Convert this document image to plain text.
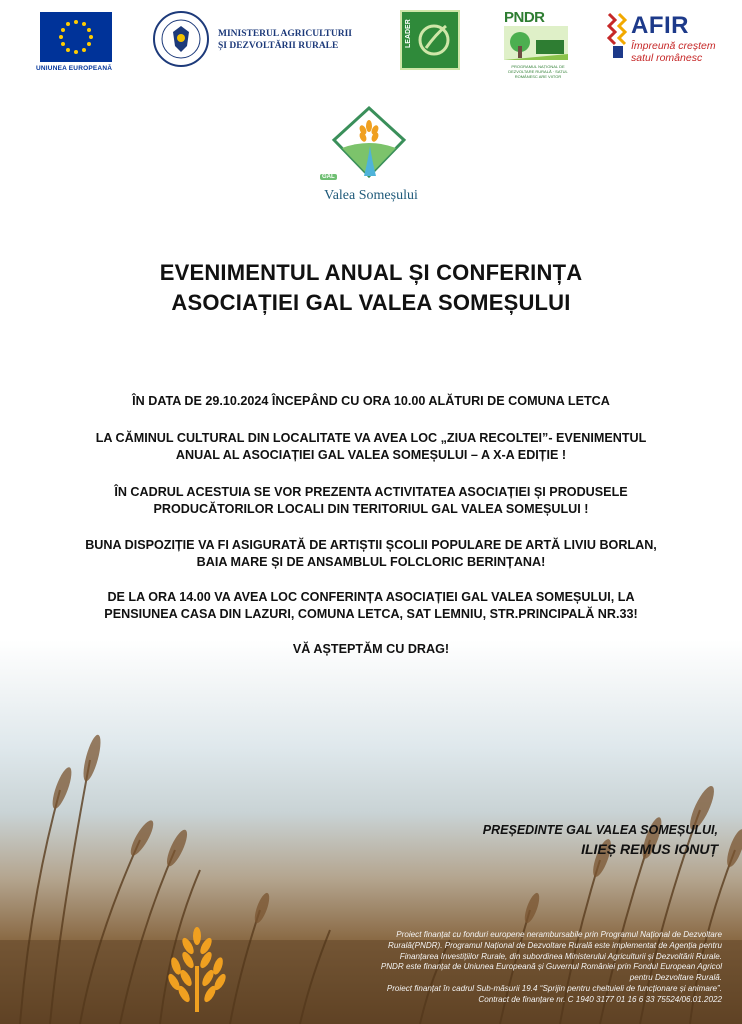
UNIUNEA EUROPEANĂ
MINISTERUL AGRICULTURII
ȘI DEZVOLTĂRII RURALE	LEADER
PNDR
PROGRAMUL NAȚIONAL DE DEZVOLTARE RURALĂ · SATUL ROMÂNESC ARE VIITOR
AFIR
Împreună creștem
satul românesc
GAL
Valea Someșului
EVENIMENTUL ANUAL ȘI CONFERINȚA
ASOCIAȚIEI GAL VALEA SOMEȘULUI
ÎN DATA DE 29.10.2024 ÎNCEPÂND CU ORA 10.00 ALĂTURI DE COMUNA LETCA
LA CĂMINUL CULTURAL DIN LOCALITATE VA AVEA LOC „ZIUA RECOLTEI”- EVENIMENTUL
ANUAL AL ASOCIAȚIEI GAL VALEA SOMEȘULUI – A X-A EDIȚIE !
ÎN CADRUL ACESTUIA SE VOR PREZENTA ACTIVITATEA ASOCIAȚIEI ȘI PRODUSELE
PRODUCĂTORILOR LOCALI DIN TERITORIUL GAL VALEA SOMEȘULUI !
BUNA DISPOZIȚIE VA FI ASIGURATĂ DE ARTIȘTII ȘCOLII POPULARE DE ARTĂ LIVIU BORLAN,
BAIA MARE ȘI DE ANSAMBLUL FOLCLORIC BERINȚANA!
DE LA ORA 14.00 VA AVEA LOC CONFERINȚA ASOCIAȚIEI GAL VALEA SOMEȘULUI, LA
PENSIUNEA CASA DIN LAZURI, COMUNA LETCA, SAT LEMNIU, STR.PRINCIPALĂ NR.33!
VĂ AȘTEPTĂM CU DRAG!
PREȘEDINTE GAL VALEA SOMEȘULUI,
ILIEȘ REMUS IONUȚ
Proiect finanțat cu fonduri europene nerambursabile prin Programul Național de Dezvoltare
Rurală(PNDR). Programul Național de Dezvoltare Rurală este implementat de Agenția pentru
Finanțarea Investițiilor Rurale, din subordinea Ministerului Agriculturii și Dezvoltării Rurale.
PNDR este finanțat de Uniunea Europeană și Guvernul României prin Fondul European Agricol
pentru Dezvoltare Rurală.
Proiect finanțat în cadrul Sub-măsurii 19.4 “Sprijin pentru cheltuieli de funcționare și animare”.
Contract de finanțare nr. C 1940 3177 01 16 6 33 75524/06.01.2022
